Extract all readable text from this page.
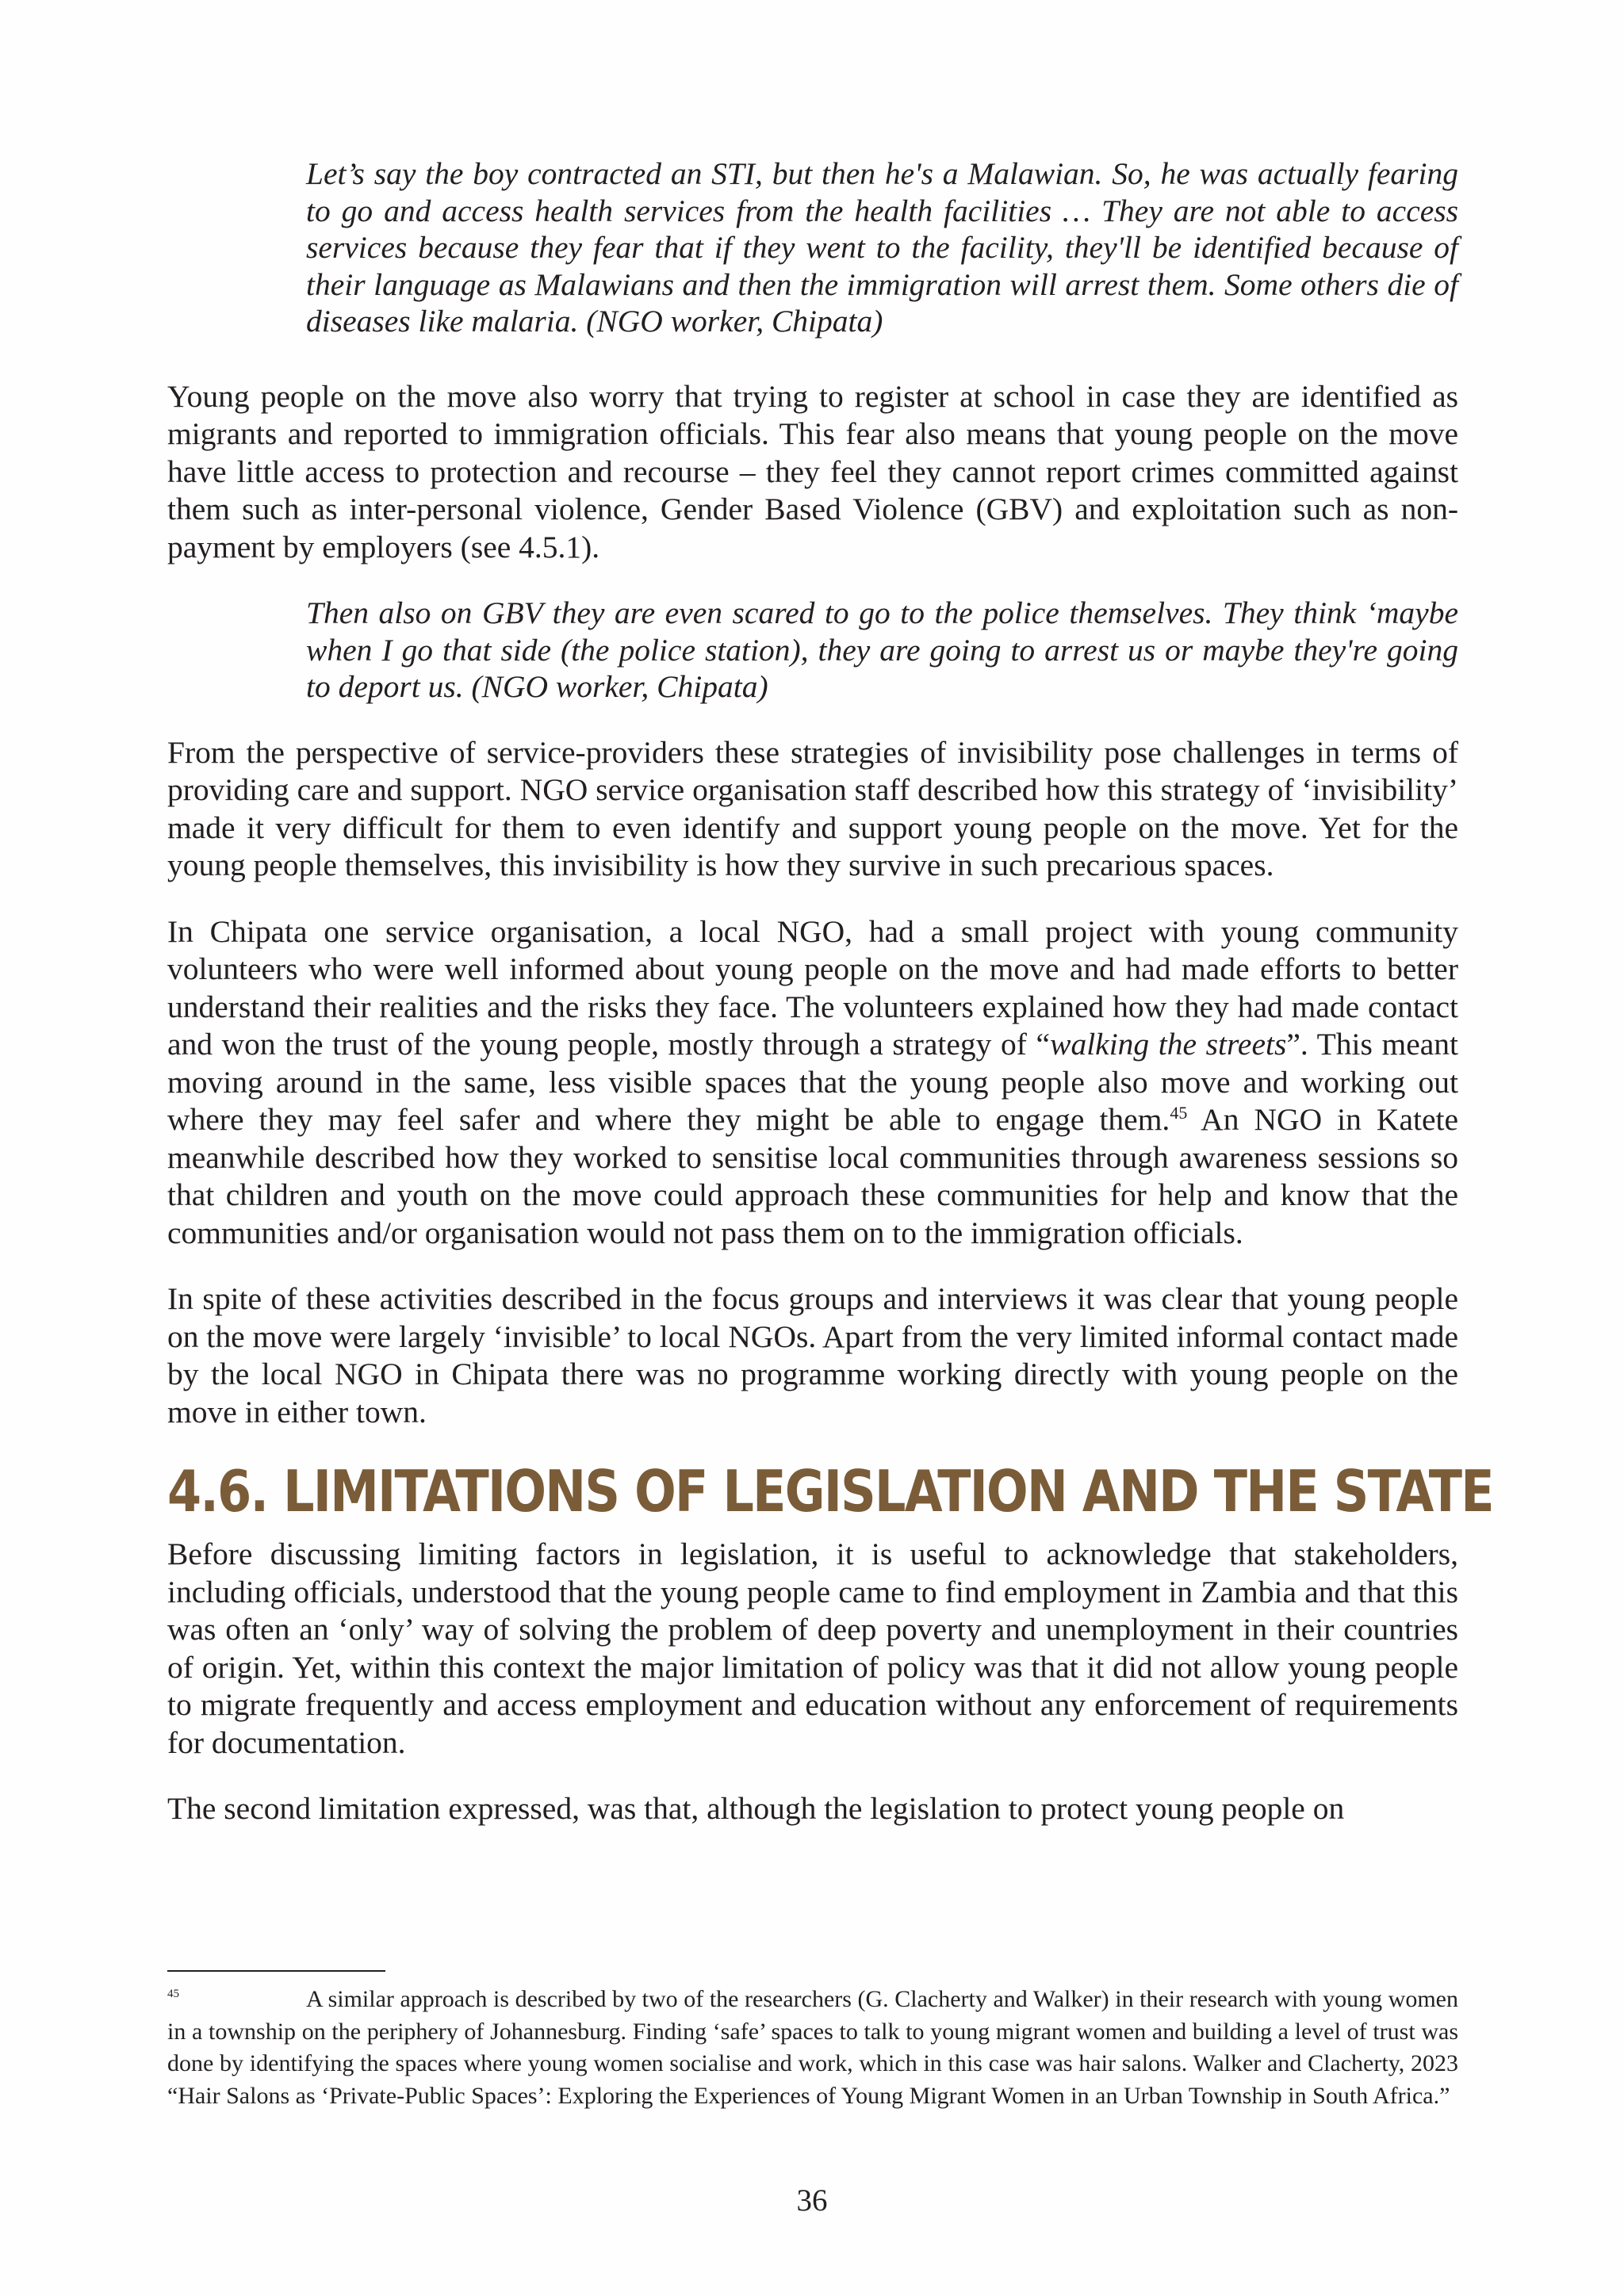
Let’s say the boy contracted an STI, but then he's a Malawian. So, he was actually fearing to go and access health services from the health facilities … They are not able to access services because they fear that if they went to the facility, they'll be identified because of their language as Malawians and then the immigration will arrest them. Some others die of diseases like malaria. (NGO worker, Chipata)

Young people on the move also worry that trying to register at school in case they are identified as migrants and reported to immigration officials. This fear also means that young people on the move have little access to protection and recourse – they feel they cannot report crimes committed against them such as inter-personal violence, Gender Based Violence (GBV) and exploitation such as non-payment by employers (see 4.5.1).

Then also on GBV they are even scared to go to the police themselves. They think ‘maybe when I go that side (the police station), they are going to arrest us or maybe they're going to deport us. (NGO worker, Chipata)

From the perspective of service-providers these strategies of invisibility pose challenges in terms of providing care and support. NGO service organisation staff described how this strategy of ‘invisibility’ made it very difficult for them to even identify and support young people on the move. Yet for the young people themselves, this invisibility is how they survive in such precarious spaces.

In Chipata one service organisation, a local NGO, had a small project with young community volunteers who were well informed about young people on the move and had made efforts to better understand their realities and the risks they face. The volunteers explained how they had made contact and won the trust of the young people, mostly through a strategy of “walking the streets”. This meant moving around in the same, less visible spaces that the young people also move and working out where they may feel safer and where they might be able to engage them.$^{45}$ An NGO in Katete meanwhile described how they worked to sensitise local communities through awareness sessions so that children and youth on the move could approach these communities for help and know that the communities and/or organisation would not pass them on to the immigration officials.

In spite of these activities described in the focus groups and interviews it was clear that young people on the move were largely ‘invisible’ to local NGOs. Apart from the very limited informal contact made by the local NGO in Chipata there was no programme working directly with young people on the move in either town.

4.6. LIMITATIONS OF LEGISLATION AND THE STATE

Before discussing limiting factors in legislation, it is useful to acknowledge that stakeholders, including officials, understood that the young people came to find employment in Zambia and that this was often an ‘only’ way of solving the problem of deep poverty and unemployment in their countries of origin. Yet, within this context the major limitation of policy was that it did not allow young people to migrate frequently and access employment and education without any enforcement of requirements for documentation.

The second limitation expressed, was that, although the legislation to protect young people on

45	A similar approach is described by two of the researchers (G. Clacherty and Walker) in their research with young women in a township on the periphery of Johannesburg. Finding ‘safe’ spaces to talk to young migrant women and building a level of trust was done by identifying the spaces where young women socialise and work, which in this case was hair salons. Walker and Clacherty, 2023 “Hair Salons as ‘Private-Public Spaces’: Exploring the Experiences of Young Migrant Women in an Urban Township in South Africa.”
36
